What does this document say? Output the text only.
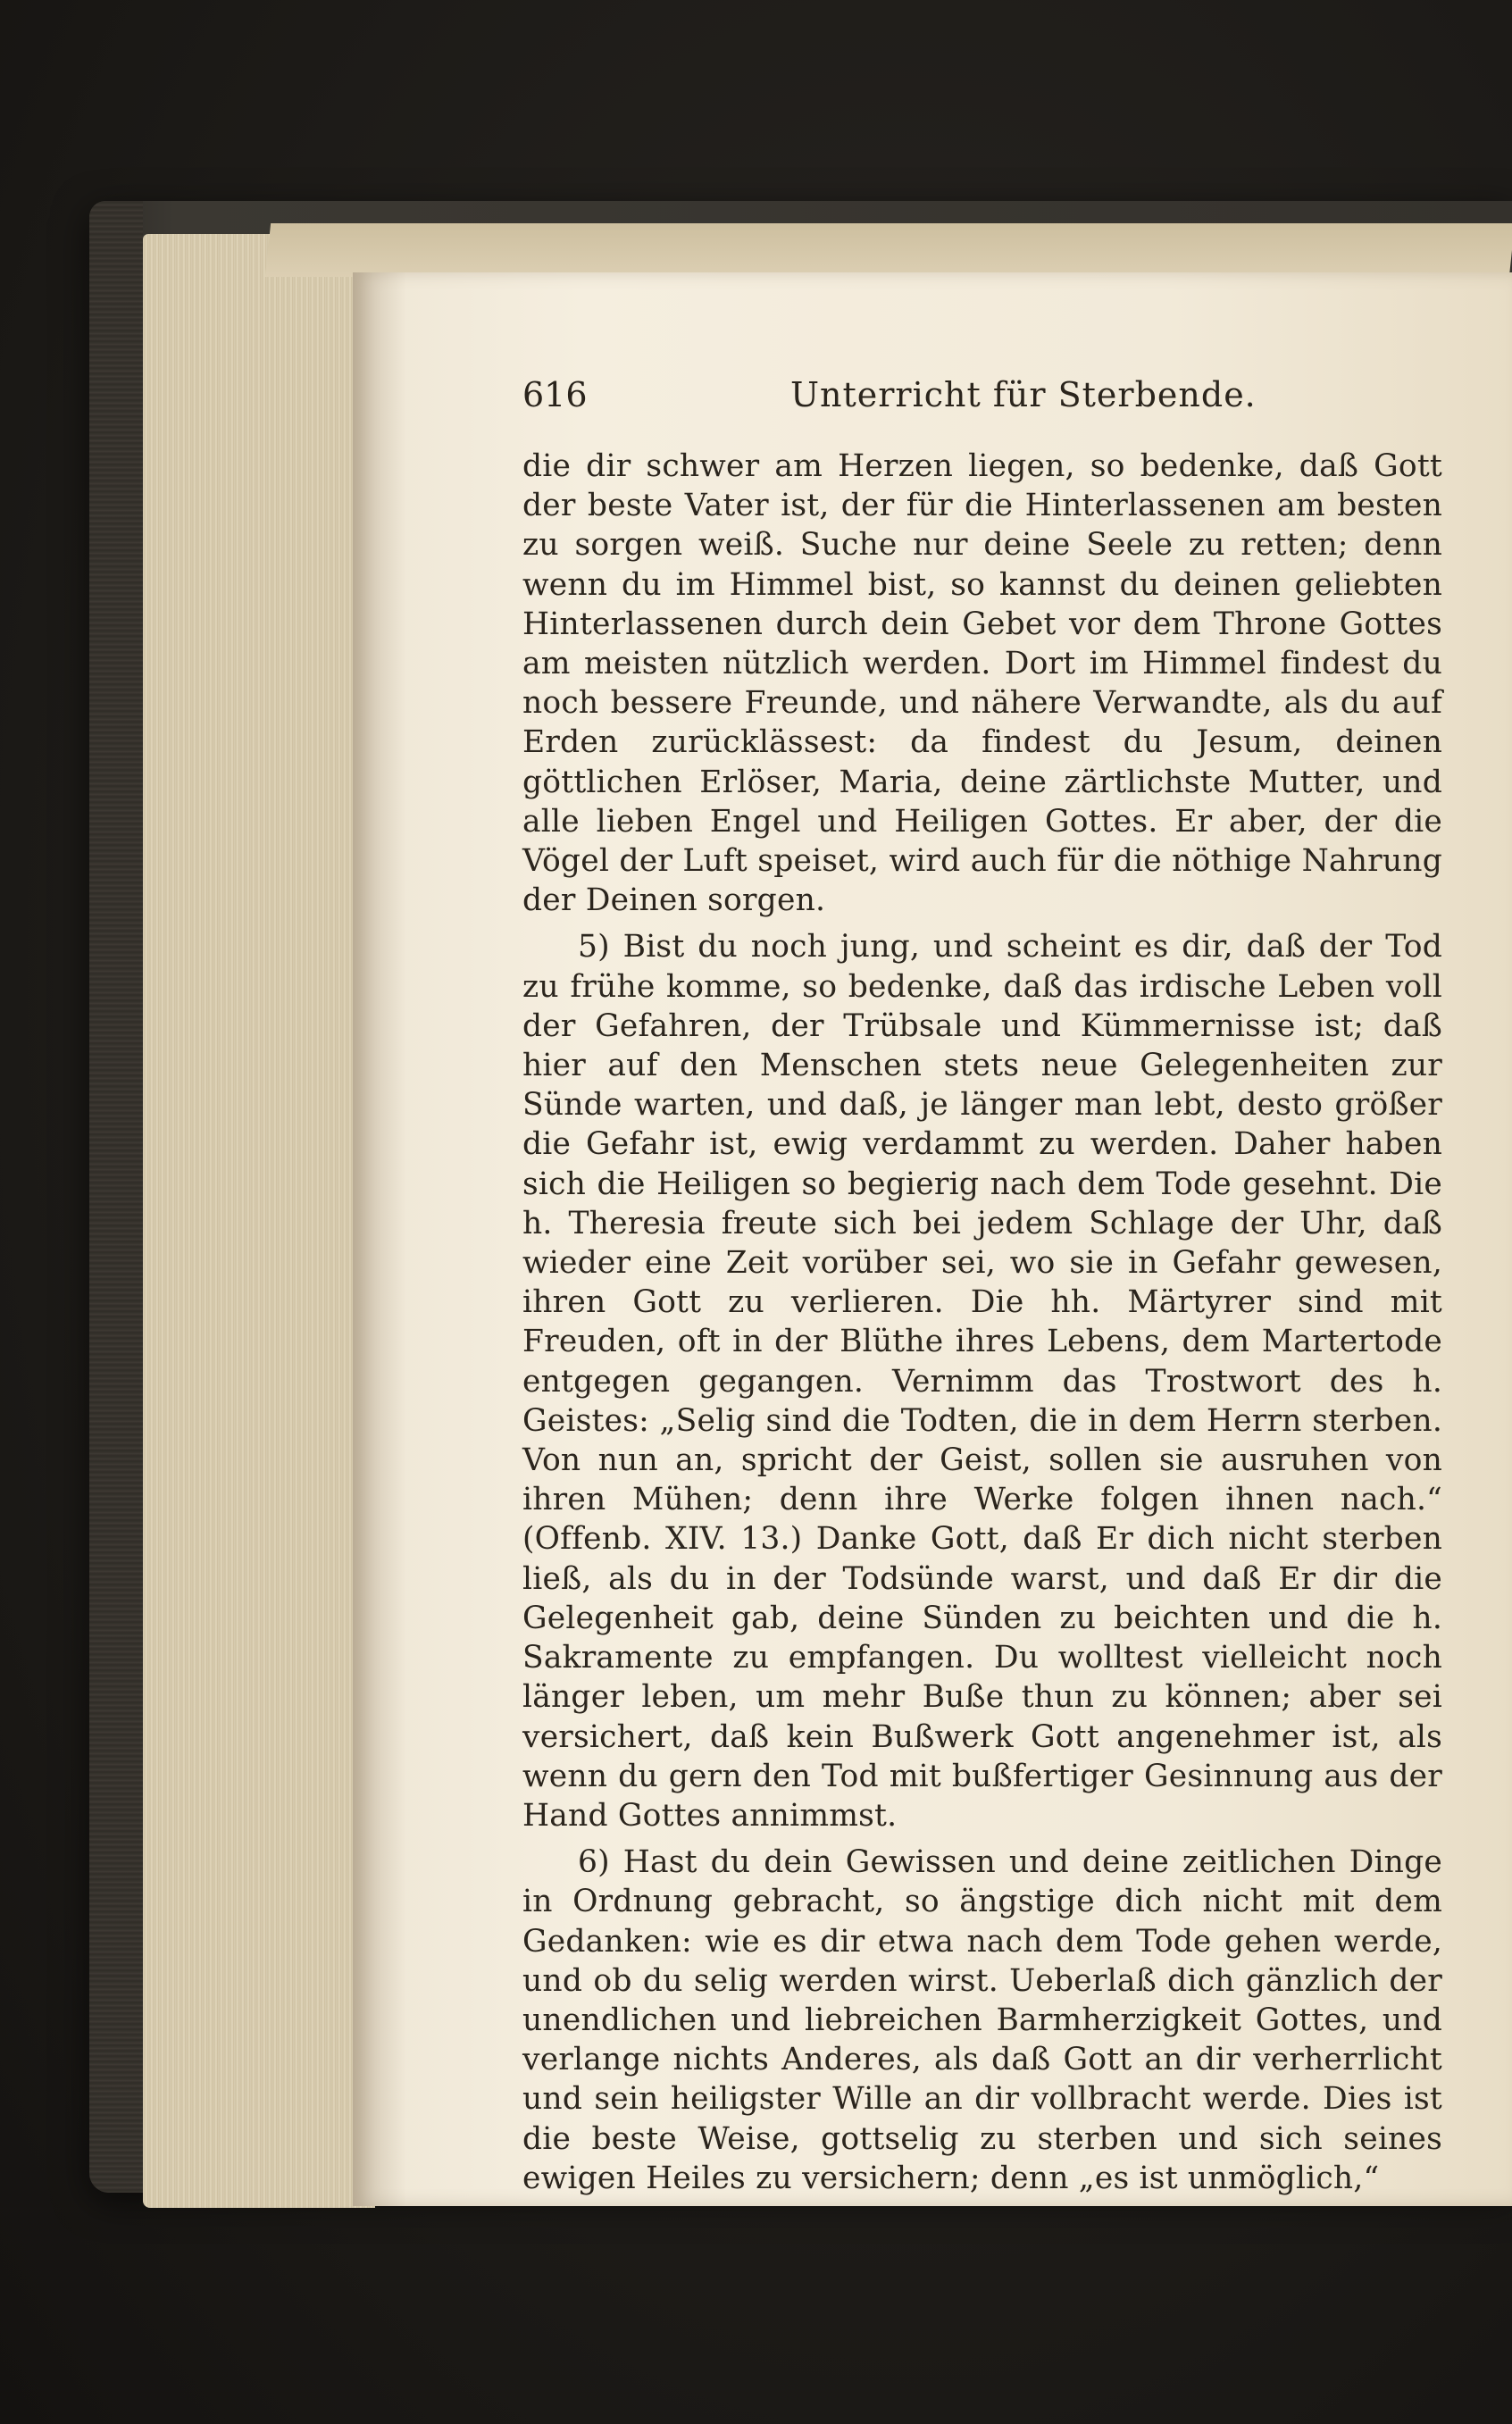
616	Unterricht für Sterbende.

die dir schwer am Herzen liegen, so bedenke, daß Gott der beste Vater ist, der für die Hinterlassenen am besten zu sorgen weiß. Suche nur deine Seele zu retten; denn wenn du im Himmel bist, so kannst du deinen geliebten Hinterlassenen durch dein Gebet vor dem Throne Gottes am meisten nützlich werden. Dort im Himmel findest du noch bessere Freunde, und nähere Verwandte, als du auf Erden zurücklässest: da findest du Jesum, deinen göttlichen Erlöser, Maria, deine zärtlichste Mutter, und alle lieben Engel und Heiligen Gottes. Er aber, der die Vögel der Luft speiset, wird auch für die nöthige Nahrung der Deinen sorgen.

5) Bist du noch jung, und scheint es dir, daß der Tod zu frühe komme, so bedenke, daß das irdische Leben voll der Gefahren, der Trübsale und Kümmernisse ist; daß hier auf den Menschen stets neue Gelegenheiten zur Sünde warten, und daß, je länger man lebt, desto größer die Gefahr ist, ewig verdammt zu werden. Daher haben sich die Heiligen so begierig nach dem Tode gesehnt. Die h. Theresia freute sich bei jedem Schlage der Uhr, daß wieder eine Zeit vorüber sei, wo sie in Gefahr gewesen, ihren Gott zu verlieren. Die hh. Märtyrer sind mit Freuden, oft in der Blüthe ihres Lebens, dem Martertode entgegen gegangen. Vernimm das Trostwort des h. Geistes: „Selig sind die Todten, die in dem Herrn sterben. Von nun an, spricht der Geist, sollen sie ausruhen von ihren Mühen; denn ihre Werke folgen ihnen nach.“ (Offenb. XIV. 13.) Danke Gott, daß Er dich nicht sterben ließ, als du in der Todsünde warst, und daß Er dir die Gelegenheit gab, deine Sünden zu beichten und die h. Sakramente zu empfangen. Du wolltest vielleicht noch länger leben, um mehr Buße thun zu können; aber sei versichert, daß kein Bußwerk Gott angenehmer ist, als wenn du gern den Tod mit bußfertiger Gesinnung aus der Hand Gottes annimmst.

6) Hast du dein Gewissen und deine zeitlichen Dinge in Ordnung gebracht, so ängstige dich nicht mit dem Gedanken: wie es dir etwa nach dem Tode gehen werde, und ob du selig werden wirst. Ueberlaß dich gänzlich der unendlichen und liebreichen Barmherzigkeit Gottes, und verlange nichts Anderes, als daß Gott an dir verherrlicht und sein heiligster Wille an dir vollbracht werde. Dies ist die beste Weise, gottselig zu sterben und sich seines ewigen Heiles zu versichern; denn „es ist unmöglich,“
